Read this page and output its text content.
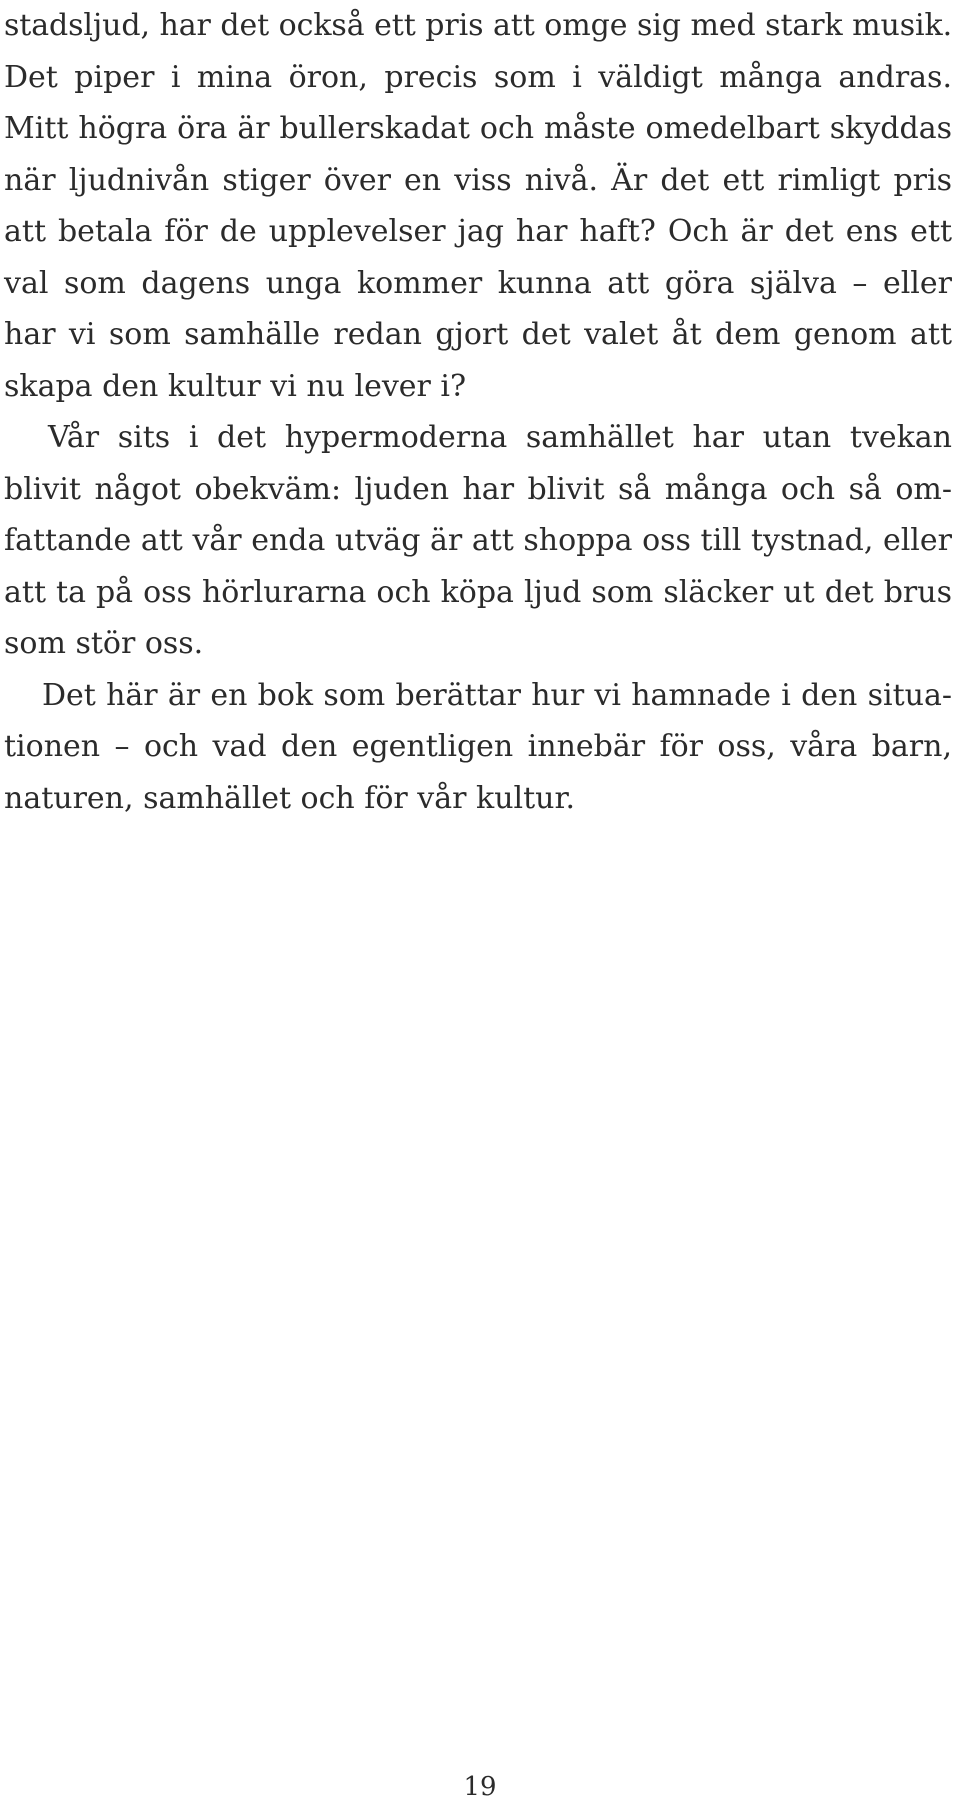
stadsljud, har det också ett pris att omge sig med stark musik.
Det piper i mina öron, precis som i väldigt många andras.
Mitt högra öra är bullerskadat och måste omedelbart skyddas
när ljudnivån stiger över en viss nivå. Är det ett rimligt pris
att betala för de upplevelser jag har haft? Och är det ens ett
val som dagens unga kommer kunna att göra själva – eller
har vi som samhälle redan gjort det valet åt dem genom att
skapa den kultur vi nu lever i?
Vår sits i det hypermoderna samhället har utan tvekan
blivit något obekväm: ljuden har blivit så många och så om-
fattande att vår enda utväg är att shoppa oss till tystnad, eller
att ta på oss hörlurarna och köpa ljud som släcker ut det brus
som stör oss.
Det här är en bok som berättar hur vi hamnade i den situa-
tionen – och vad den egentligen innebär för oss, våra barn,
naturen, samhället och för vår kultur.
19
